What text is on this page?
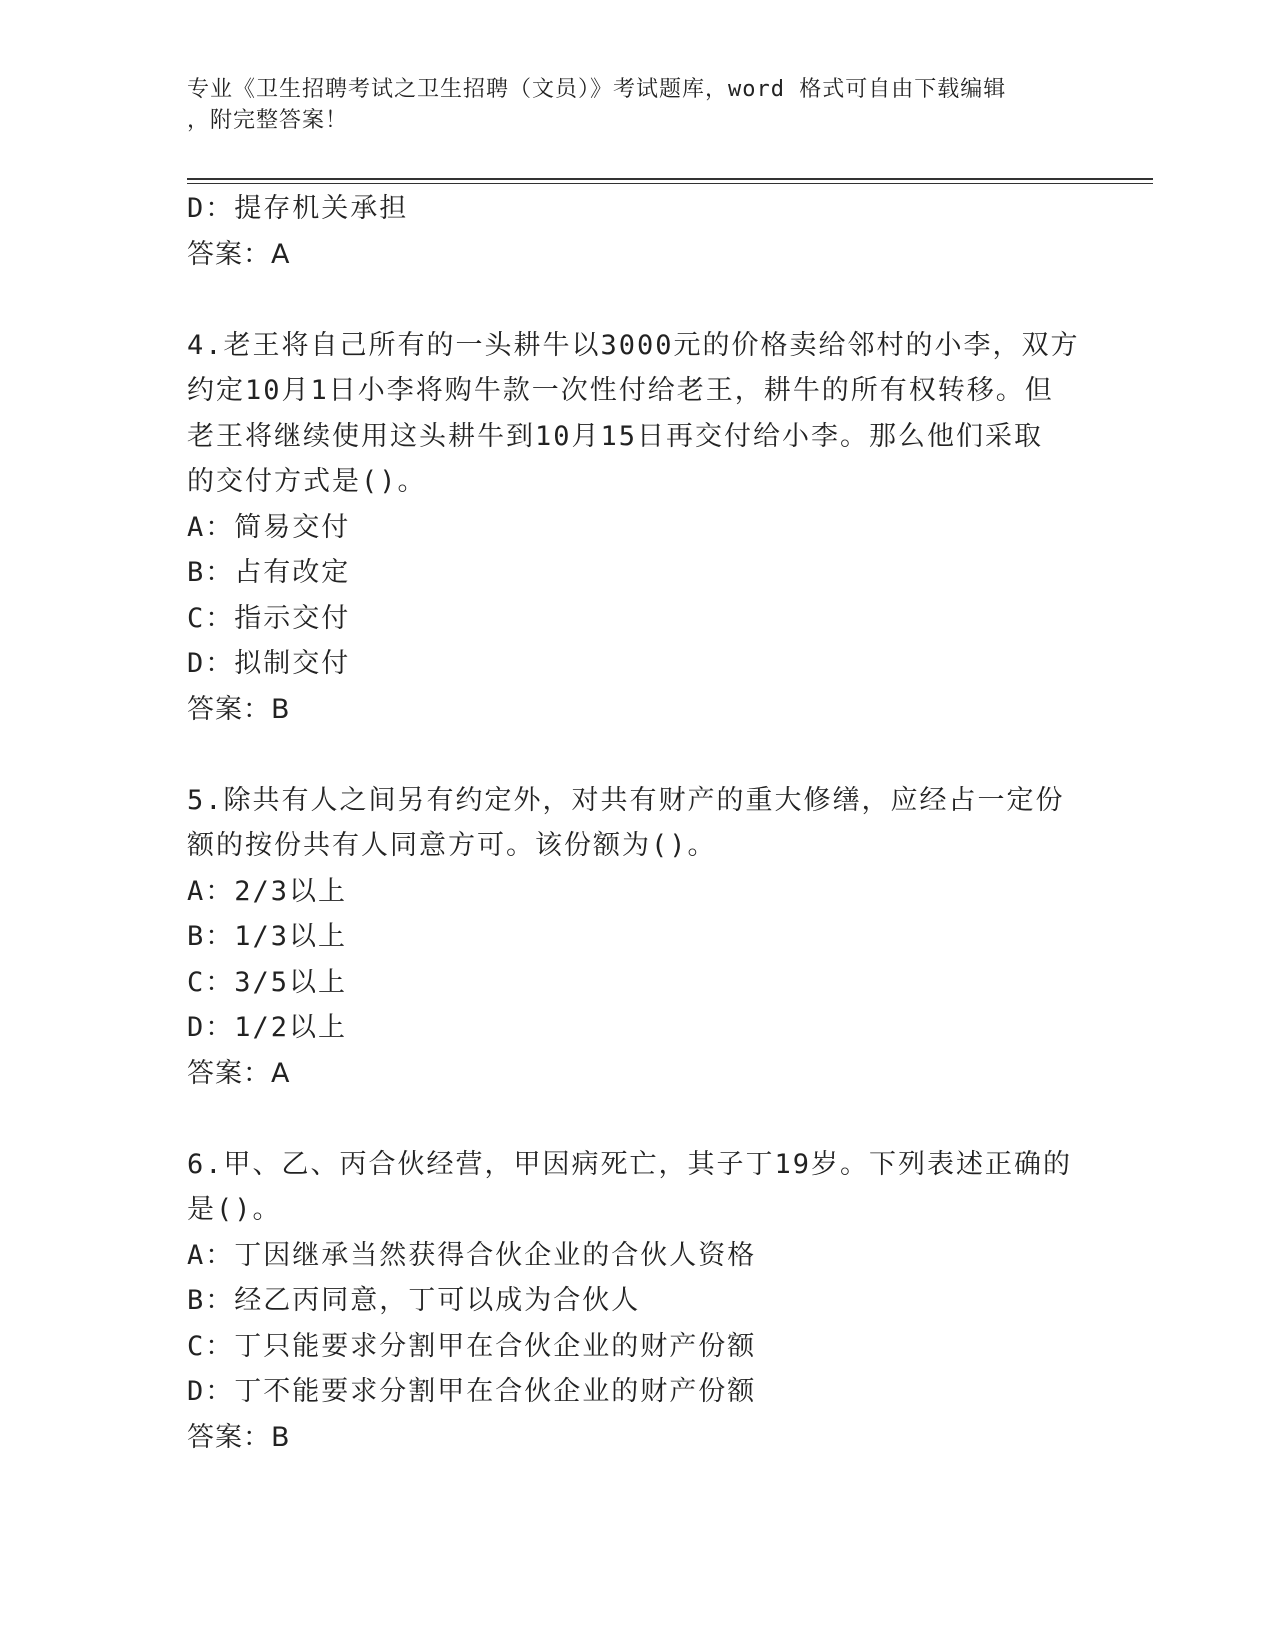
专业《卫生招聘考试之卫生招聘（文员）》考试题库，word 格式可自由下载编辑
，附完整答案！
D：提存机关承担
答案：A
4.老王将自己所有的一头耕牛以3000元的价格卖给邻村的小李，双方
约定10月1日小李将购牛款一次性付给老王，耕牛的所有权转移。但
老王将继续使用这头耕牛到10月15日再交付给小李。那么他们采取
的交付方式是()。
A：简易交付
B：占有改定
C：指示交付
D：拟制交付
答案：B
5.除共有人之间另有约定外，对共有财产的重大修缮，应经占一定份
额的按份共有人同意方可。该份额为()。
A：2/3以上
B：1/3以上
C：3/5以上
D：1/2以上
答案：A
6.甲、乙、丙合伙经营，甲因病死亡，其子丁19岁。下列表述正确的
是()。
A：丁因继承当然获得合伙企业的合伙人资格
B：经乙丙同意，丁可以成为合伙人
C：丁只能要求分割甲在合伙企业的财产份额
D：丁不能要求分割甲在合伙企业的财产份额
答案：B
